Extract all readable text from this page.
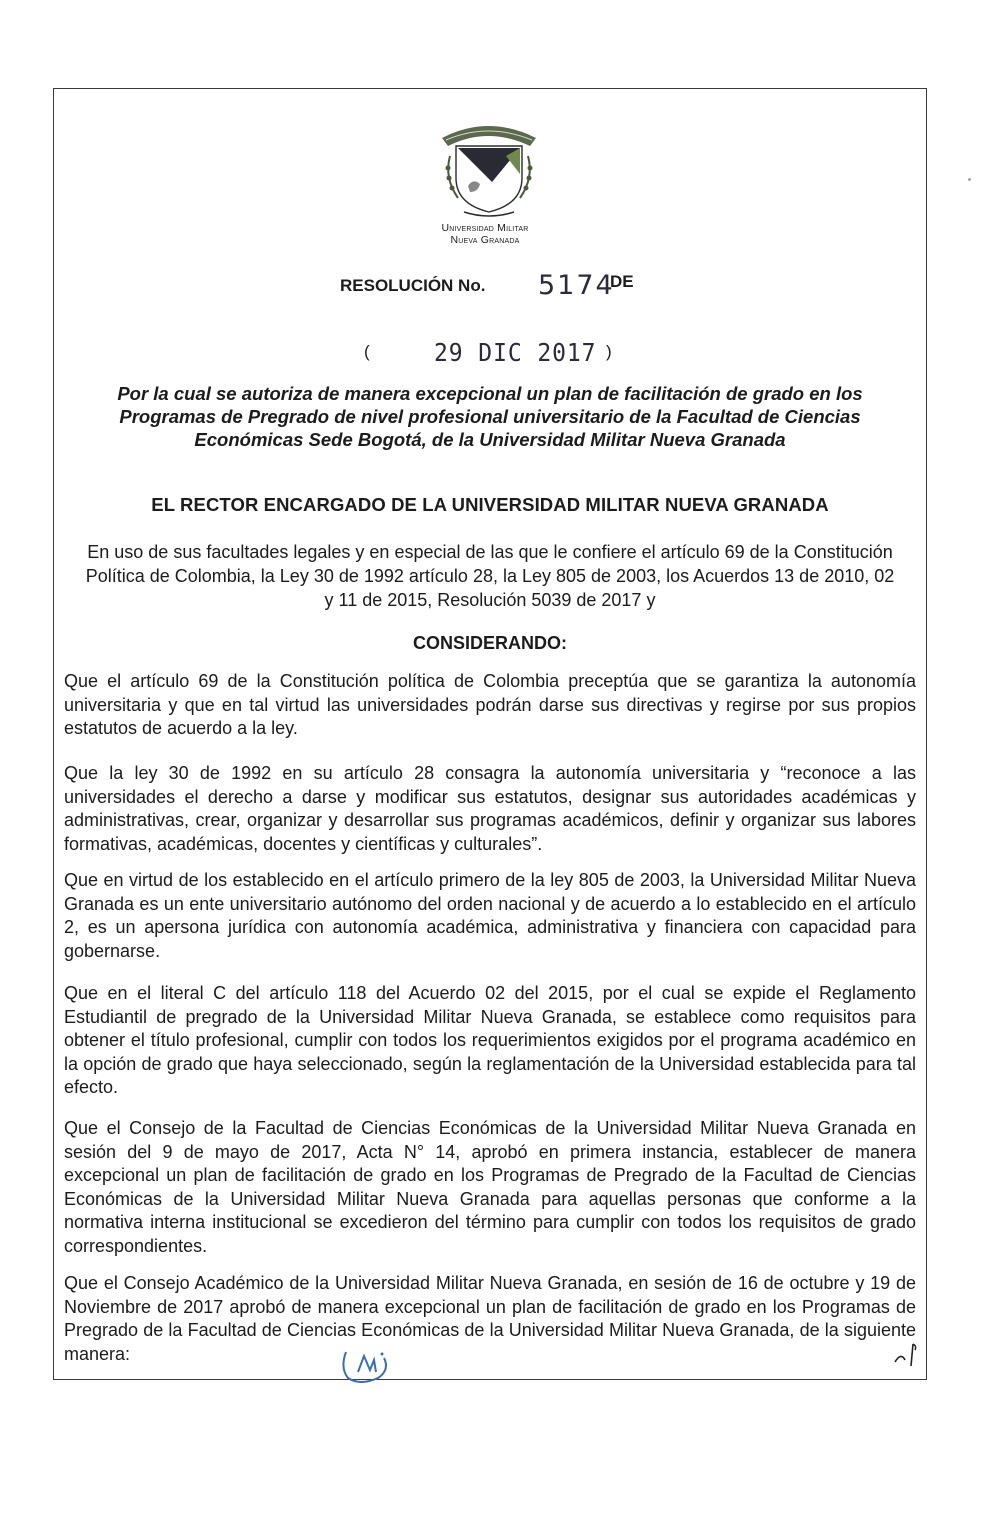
Universidad Militar
Nueva Granada
RESOLUCIÓN No. 5174
DE
(	29 DIC 2017 )
Por la cual se autoriza de manera excepcional un plan de facilitación de grado en los Programas de Pregrado de nivel profesional universitario de la Facultad de Ciencias Económicas Sede Bogotá, de la Universidad Militar Nueva Granada
EL RECTOR ENCARGADO DE LA UNIVERSIDAD MILITAR NUEVA GRANADA
En uso de sus facultades legales y en especial de las que le confiere el artículo 69 de la Constitución Política de Colombia, la Ley 30 de 1992 artículo 28, la Ley 805 de 2003, los Acuerdos 13 de 2010, 02 y 11 de 2015, Resolución 5039 de 2017 y
CONSIDERANDO:
Que el artículo 69 de la Constitución política de Colombia preceptúa que se garantiza la autonomía universitaria y que en tal virtud las universidades podrán darse sus directivas y regirse por sus propios estatutos de acuerdo a la ley.
Que la ley 30 de 1992 en su artículo 28 consagra la autonomía universitaria y “reconoce a las universidades el derecho a darse y modificar sus estatutos, designar sus autoridades académicas y administrativas, crear, organizar y desarrollar sus programas académicos, definir y organizar sus labores formativas, académicas, docentes y científicas y culturales”.
Que en virtud de los establecido en el artículo primero de la ley 805 de 2003, la Universidad Militar Nueva Granada es un ente universitario autónomo del orden nacional y de acuerdo a lo establecido en el artículo 2, es un apersona jurídica con autonomía académica, administrativa y financiera con capacidad para gobernarse.
Que en el literal C del artículo 118 del Acuerdo 02 del 2015, por el cual se expide el Reglamento Estudiantil de pregrado de la Universidad Militar Nueva Granada, se establece como requisitos para obtener el título profesional, cumplir con todos los requerimientos exigidos por el programa académico en la opción de grado que haya seleccionado, según la reglamentación de la Universidad establecida para tal efecto.
Que el Consejo de la Facultad de Ciencias Económicas de la Universidad Militar Nueva Granada en sesión del 9 de mayo de 2017, Acta N° 14, aprobó en primera instancia, establecer de manera excepcional un plan de facilitación de grado en los Programas de Pregrado de la Facultad de Ciencias Económicas de la Universidad Militar Nueva Granada para aquellas personas que conforme a la normativa interna institucional se excedieron del término para cumplir con todos los requisitos de grado correspondientes.
Que el Consejo Académico de la Universidad Militar Nueva Granada, en sesión de 16 de octubre y 19 de Noviembre de 2017 aprobó de manera excepcional un plan de facilitación de grado en los Programas de Pregrado de la Facultad de Ciencias Económicas de la Universidad Militar Nueva Granada, de la siguiente manera:
